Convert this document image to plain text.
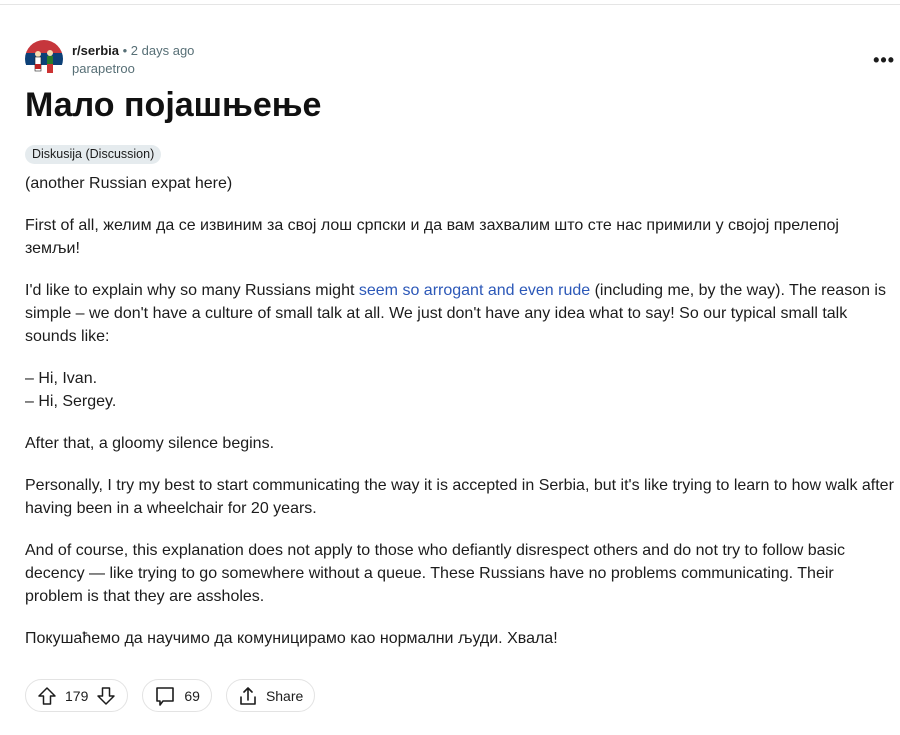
r/serbia • 2 days ago
parapetroo	•••
Мало појашњење
Diskusija (Discussion)

(another Russian expat here)

First of all, желим да се извиним за свој лош српски и да вам захвалим што сте нас примили у својој прелепој земљи!

I'd like to explain why so many Russians might seem so arrogant and even rude (including me, by the way). The reason is simple – we don't have a culture of small talk at all. We just don't have any idea what to say! So our typical small talk sounds like:

– Hi, Ivan.
– Hi, Sergey.

After that, a gloomy silence begins.

Personally, I try my best to start communicating the way it is accepted in Serbia, but it's like trying to learn to how walk after having been in a wheelchair for 20 years.

And of course, this explanation does not apply to those who defiantly disrespect others and do not try to follow basic decency — like trying to go somewhere without a queue. These Russians have no problems communicating. Their problem is that they are assholes.

Покушаћемо да научимо да комуницирамо као нормални људи. Хвала!

179	69	Share
